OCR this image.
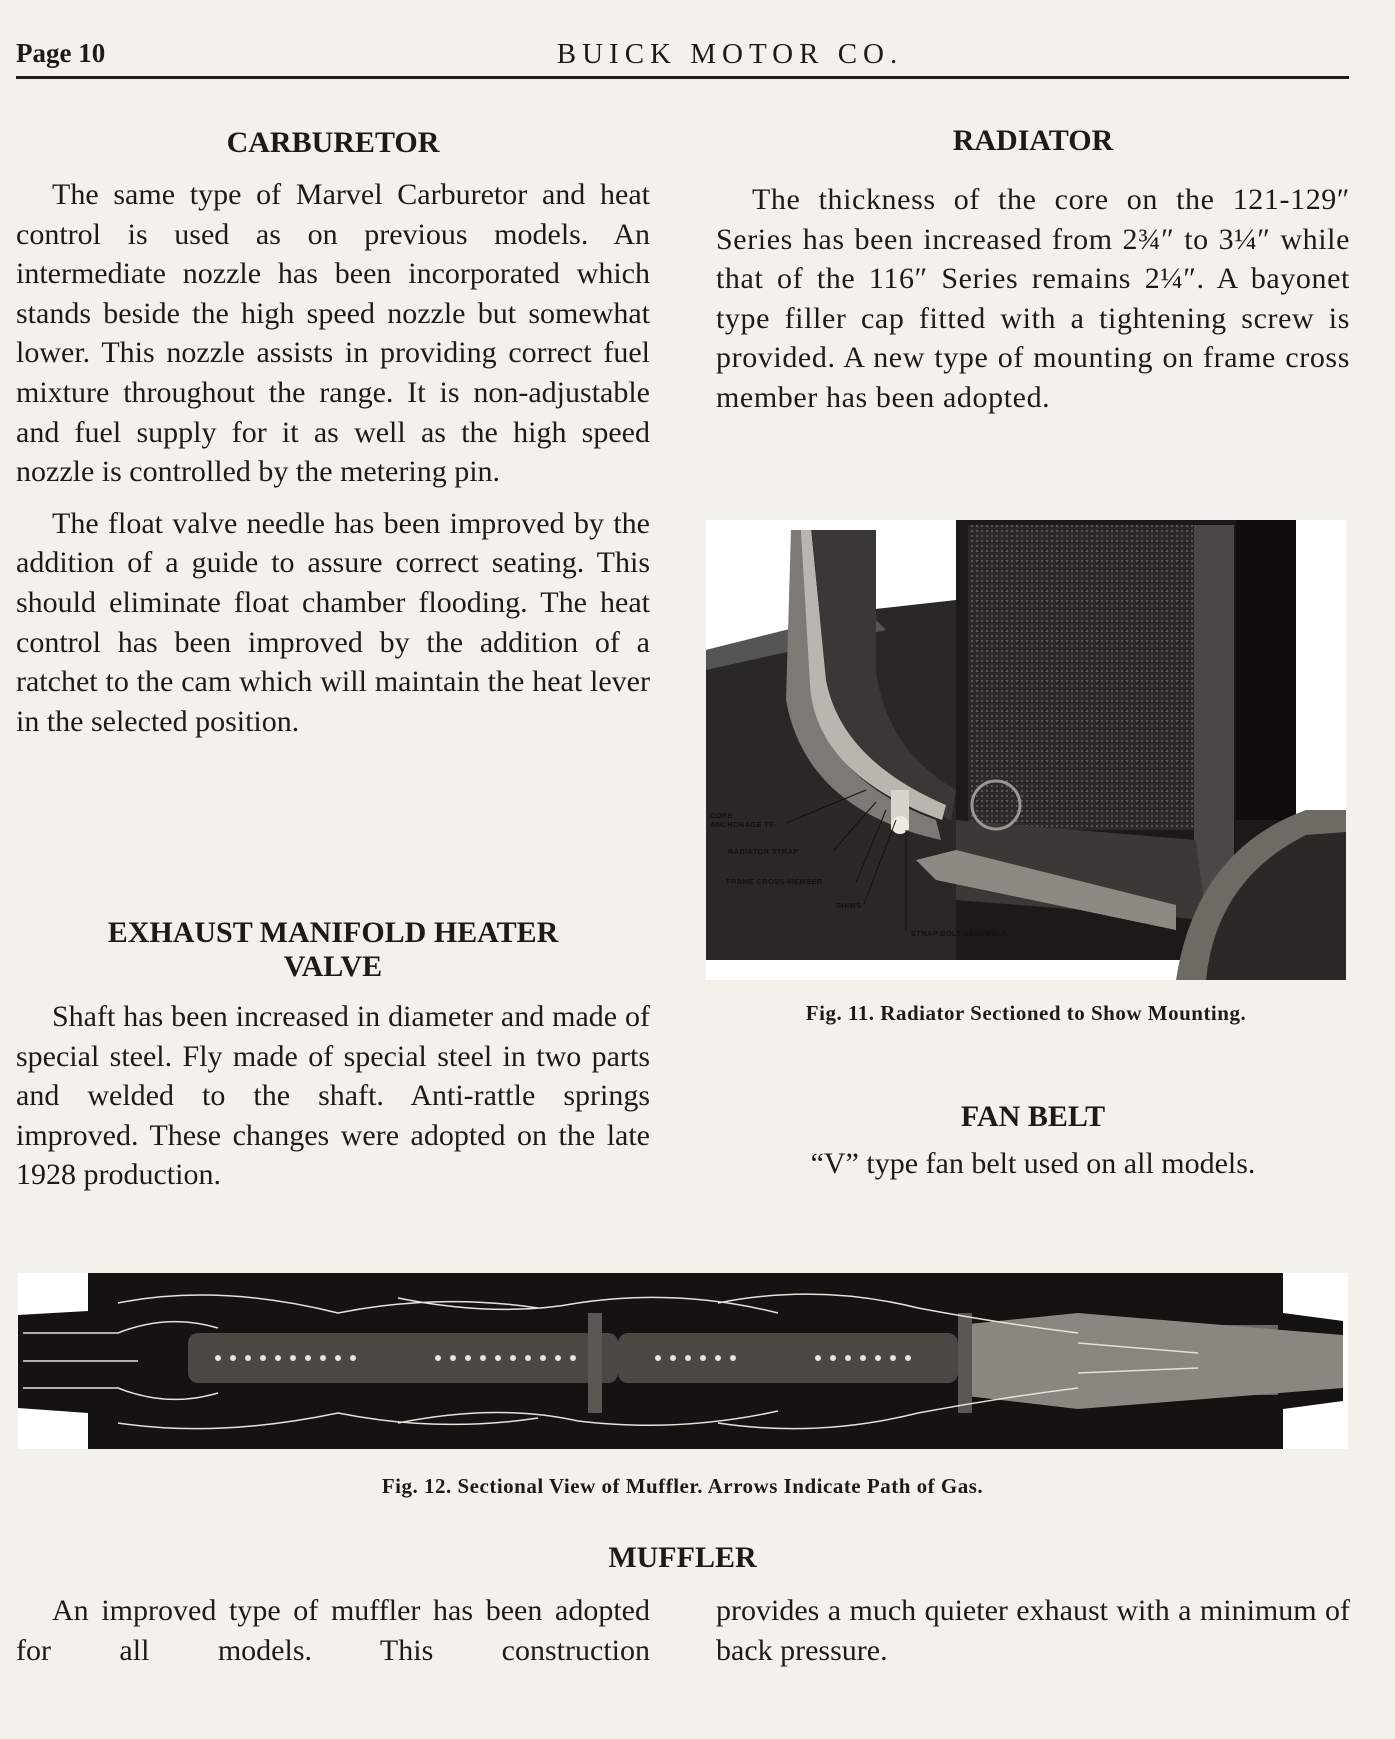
Page 10	BUICK MOTOR CO.
CARBURETOR

The same type of Marvel Carburetor and heat control is used as on previous models. An intermediate nozzle has been incorporated which stands beside the high speed nozzle but somewhat lower. This nozzle assists in providing correct fuel mixture throughout the range. It is non-adjustable and fuel supply for it as well as the high speed nozzle is controlled by the metering pin.

The float valve needle has been improved by the addition of a guide to assure correct seating. This should eliminate float chamber flooding. The heat control has been improved by the addition of a ratchet to the cam which will maintain the heat lever in the selected position.

RADIATOR

The thickness of the core on the 121-129″ Series has been increased from 2¾″ to 3¼″ while that of the 116″ Series remains 2¼″. A bayonet type filler cap fitted with a tightening screw is provided. A new type of mounting on frame cross member has been adopted.

CORE
ANCHORAGE TE-
RADIATOR STRAP
FRAME CROSS-MEMBER
SHIMS
STRAP BOLT ASSEMBLY

Fig. 11. Radiator Sectioned to Show Mounting.

EXHAUST MANIFOLD HEATER
VALVE

Shaft has been increased in diameter and made of special steel. Fly made of special steel in two parts and welded to the shaft. Anti-rattle springs improved. These changes were adopted on the late 1928 production.

FAN BELT

“V” type fan belt used on all models.

Fig. 12. Sectional View of Muffler. Arrows Indicate Path of Gas.

MUFFLER

An improved type of muffler has been adopted for all models. This construction

provides a much quieter exhaust with a minimum of back pressure.
